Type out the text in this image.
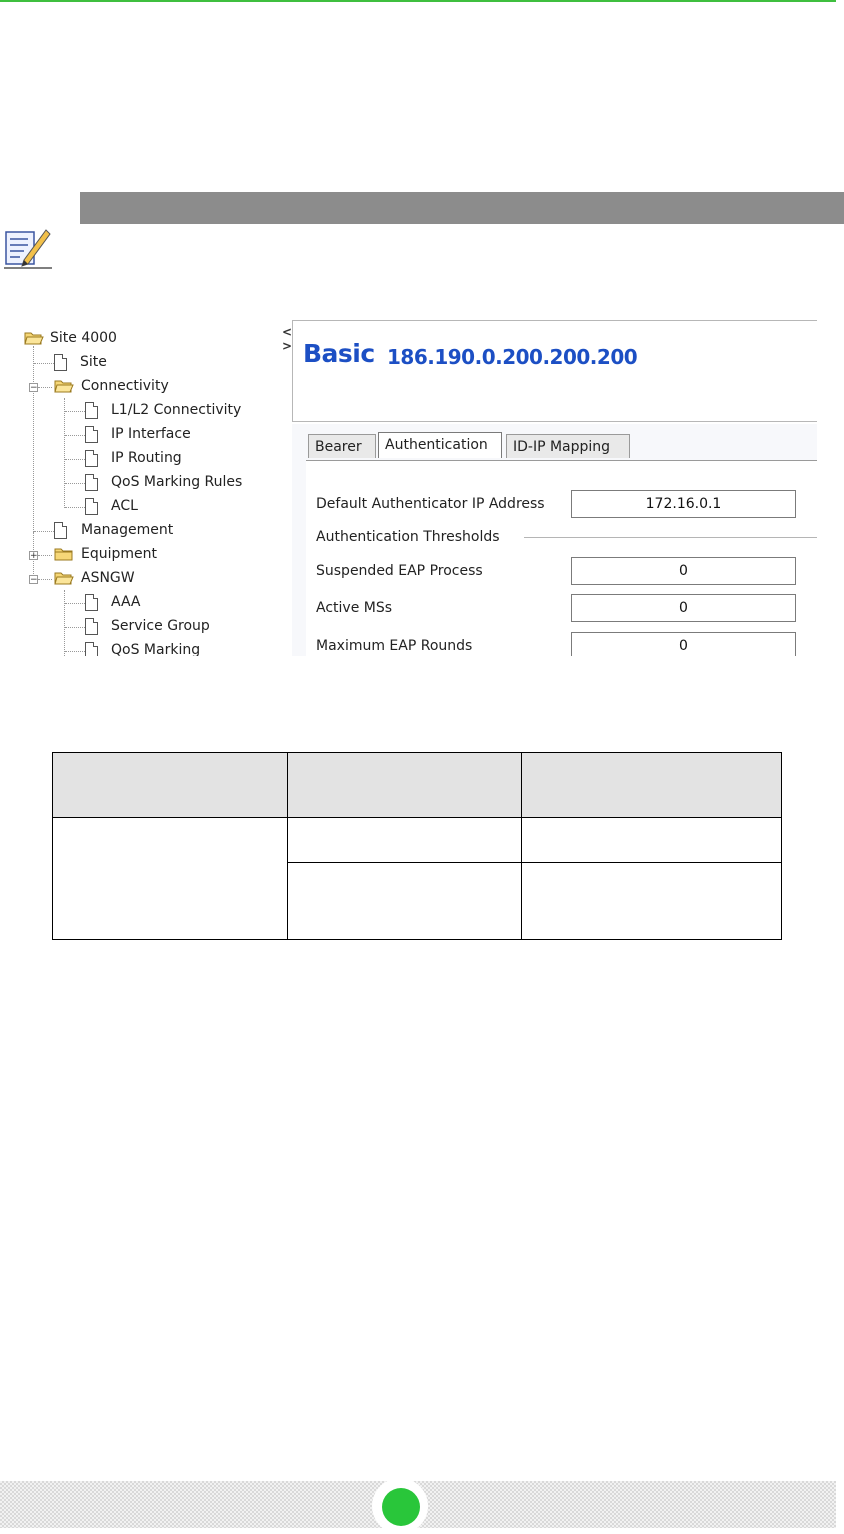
−
+
−
Site 4000
Site
Connectivity
L1/L2 Connectivity
IP Interface
IP Routing
QoS Marking Rules
ACL
Management
Equipment
ASNGW
AAA
Service Group
QoS Marking
<
> Basic 186.190.0.200.200.200
Bearer	Authentication	ID-IP Mapping
Default Authenticator IP Address	172.16.0.1
Authentication Thresholds
Suspended EAP Process	0
Active MSs	0
Maximum EAP Rounds	0
